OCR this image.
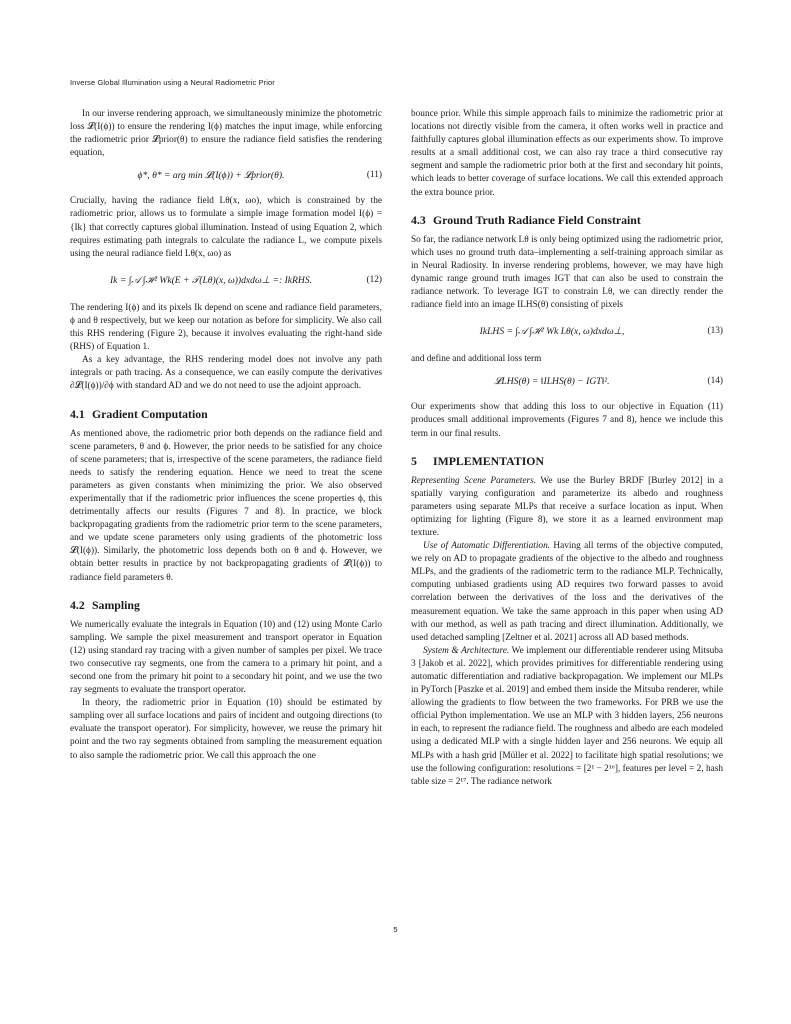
Inverse Global Illumination using a Neural Radiometric Prior

In our inverse rendering approach, we simultaneously minimize the photometric loss 𝓛(I(ϕ)) to ensure the rendering I(ϕ) matches the input image, while enforcing the radiometric prior 𝓛prior(θ) to ensure the radiance field satisfies the rendering equation,

ϕ*, θ* = arg min 𝓛(I(ϕ)) + 𝓛prior(θ).	(11)

Crucially, having the radiance field Lθ(x, ωo), which is constrained by the radiometric prior, allows us to formulate a simple image formation model I(ϕ) = {Ik} that correctly captures global illumination. Instead of using Equation 2, which requires estimating path integrals to calculate the radiance L, we compute pixels using the neural radiance field Lθ(x, ωo) as

Ik = ∫𝒜 ∫ℋ² Wk(E + 𝒯(Lθ)(x, ω))dxdω⊥ =: IkRHS.	(12)

The rendering I(ϕ) and its pixels Ik depend on scene and radiance field parameters, ϕ and θ respectively, but we keep our notation as before for simplicity. We also call this RHS rendering (Figure 2), because it involves evaluating the right-hand side (RHS) of Equation 1.

As a key advantage, the RHS rendering model does not involve any path integrals or path tracing. As a consequence, we can easily compute the derivatives ∂𝓛(I(ϕ))/∂ϕ with standard AD and we do not need to use the adjoint approach.

4.1 Gradient Computation

As mentioned above, the radiometric prior both depends on the radiance field and scene parameters, θ and ϕ. However, the prior needs to be satisfied for any choice of scene parameters; that is, irrespective of the scene parameters, the radiance field needs to satisfy the rendering equation. Hence we need to treat the scene parameters as given constants when minimizing the prior. We also observed experimentally that if the radiometric prior influences the scene properties ϕ, this detrimentally affects our results (Figures 7 and 8). In practice, we block backpropagating gradients from the radiometric prior term to the scene parameters, and we update scene parameters only using gradients of the photometric loss 𝓛(I(ϕ)). Similarly, the photometric loss depends both on θ and ϕ. However, we obtain better results in practice by not backpropagating gradients of 𝓛(I(ϕ)) to radiance field parameters θ.

4.2 Sampling

We numerically evaluate the integrals in Equation (10) and (12) using Monte Carlo sampling. We sample the pixel measurement and transport operator in Equation (12) using standard ray tracing with a given number of samples per pixel. We trace two consecutive ray segments, one from the camera to a primary hit point, and a second one from the primary hit point to a secondary hit point, and we use the two ray segments to evaluate the transport operator.

In theory, the radiometric prior in Equation (10) should be estimated by sampling over all surface locations and pairs of incident and outgoing directions (to evaluate the transport operator). For simplicity, however, we reuse the primary hit point and the two ray segments obtained from sampling the measurement equation to also sample the radiometric prior. We call this approach the one

bounce prior. While this simple approach fails to minimize the radiometric prior at locations not directly visible from the camera, it often works well in practice and faithfully captures global illumination effects as our experiments show. To improve results at a small additional cost, we can also ray trace a third consecutive ray segment and sample the radiometric prior both at the first and secondary hit points, which leads to better coverage of surface locations. We call this extended approach the extra bounce prior.

4.3 Ground Truth Radiance Field Constraint

So far, the radiance network Lθ is only being optimized using the radiometric prior, which uses no ground truth data–implementing a self-training approach similar as in Neural Radiosity. In inverse rendering problems, however, we may have high dynamic range ground truth images IGT that can also be used to constrain the radiance network. To leverage IGT to constrain Lθ, we can directly render the radiance field into an image ILHS(θ) consisting of pixels

IkLHS = ∫𝒜 ∫ℋ² Wk Lθ(x, ω)dxdω⊥,	(13)

and define and additional loss term

𝓛LHS(θ) = ‖ILHS(θ) − IGT‖².	(14)

Our experiments show that adding this loss to our objective in Equation (11) produces small additional improvements (Figures 7 and 8), hence we include this term in our final results.

5 IMPLEMENTATION

Representing Scene Parameters. We use the Burley BRDF [Burley 2012] in a spatially varying configuration and parameterize its albedo and roughness parameters using separate MLPs that receive a surface location as input. When optimizing for lighting (Figure 8), we store it as a learned environment map texture.

Use of Automatic Differentiation. Having all terms of the objective computed, we rely on AD to propagate gradients of the objective to the albedo and roughness MLPs, and the gradients of the radiometric term to the radiance MLP. Technically, computing unbiased gradients using AD requires two forward passes to avoid correlation between the derivatives of the loss and the derivatives of the measurement equation. We take the same approach in this paper when using AD with our method, as well as path tracing and direct illumination. Additionally, we used detached sampling [Zeltner et al. 2021] across all AD based methods.

System & Architecture. We implement our differentiable renderer using Mitsuba 3 [Jakob et al. 2022], which provides primitives for differentiable rendering using automatic differentiation and radiative backpropagation. We implement our MLPs in PyTorch [Paszke et al. 2019] and embed them inside the Mitsuba renderer, while allowing the gradients to flow between the two frameworks. For PRB we use the official Python implementation. We use an MLP with 3 hidden layers, 256 neurons in each, to represent the radiance field. The roughness and albedo are each modeled using a dedicated MLP with a single hidden layer and 256 neurons. We equip all MLPs with a hash grid [Müller et al. 2022] to facilitate high spatial resolutions; we use the following configuration: resolutions = [2¹ − 2¹⁶], features per level = 2, hash table size = 2¹⁷. The radiance network

5
